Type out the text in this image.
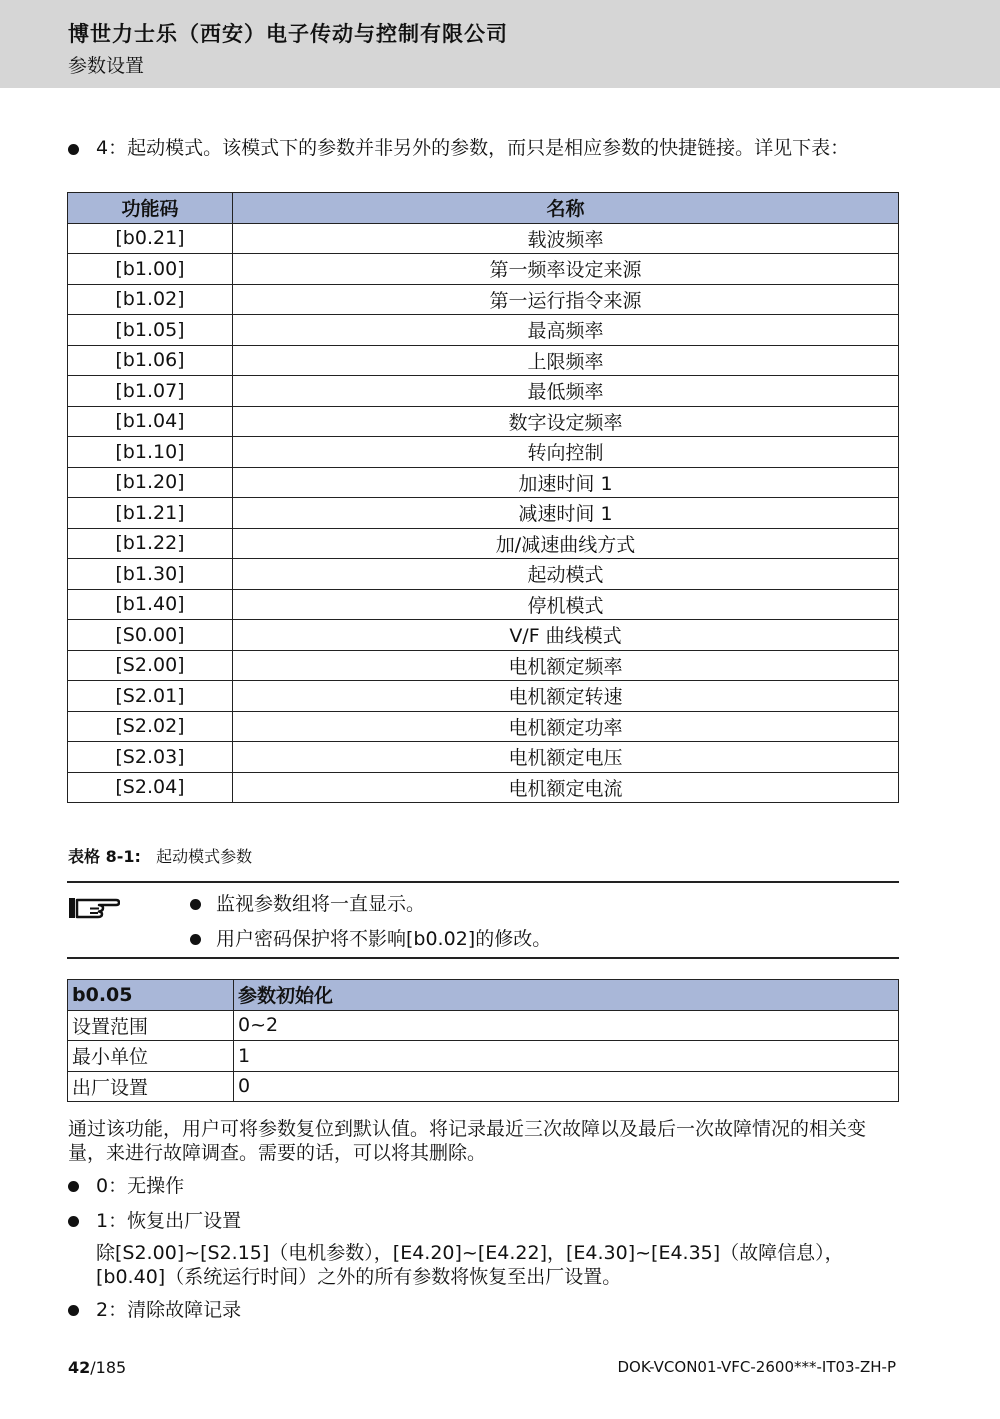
博世力士乐（西安）电子传动与控制有限公司
参数设置
4：起动模式。该模式下的参数并非另外的参数，而只是相应参数的快捷链接。详见下表：
功能码	名称
[b0.21]	载波频率
[b1.00]	第一频率设定来源
[b1.02]	第一运行指令来源
[b1.05]	最高频率
[b1.06]	上限频率
[b1.07]	最低频率
[b1.04]	数字设定频率
[b1.10]	转向控制
[b1.20]	加速时间 1
[b1.21]	减速时间 1
[b1.22]	加/减速曲线方式
[b1.30]	起动模式
[b1.40]	停机模式
[S0.00]	V/F 曲线模式
[S2.00]	电机额定频率
[S2.01]	电机额定转速
[S2.02]	电机额定功率
[S2.03]	电机额定电压
[S2.04]	电机额定电流
表格 8-1: 起动模式参数
监视参数组将一直显示。
用户密码保护将不影响[b0.02]的修改。
b0.05	参数初始化
设置范围	0~2
最小单位	1
出厂设置	0
通过该功能，用户可将参数复位到默认值。将记录最近三次故障以及最后一次故障情况的相关变量，来进行故障调查。需要的话，可以将其删除。
0：无操作
1：恢复出厂设置
除[S2.00]~[S2.15]（电机参数），[E4.20]~[E4.22]，[E4.30]~[E4.35]（故障信息），[b0.40]（系统运行时间）之外的所有参数将恢复至出厂设置。
2：清除故障记录
42/185	DOK-VCON01-VFC-2600***-IT03-ZH-P
